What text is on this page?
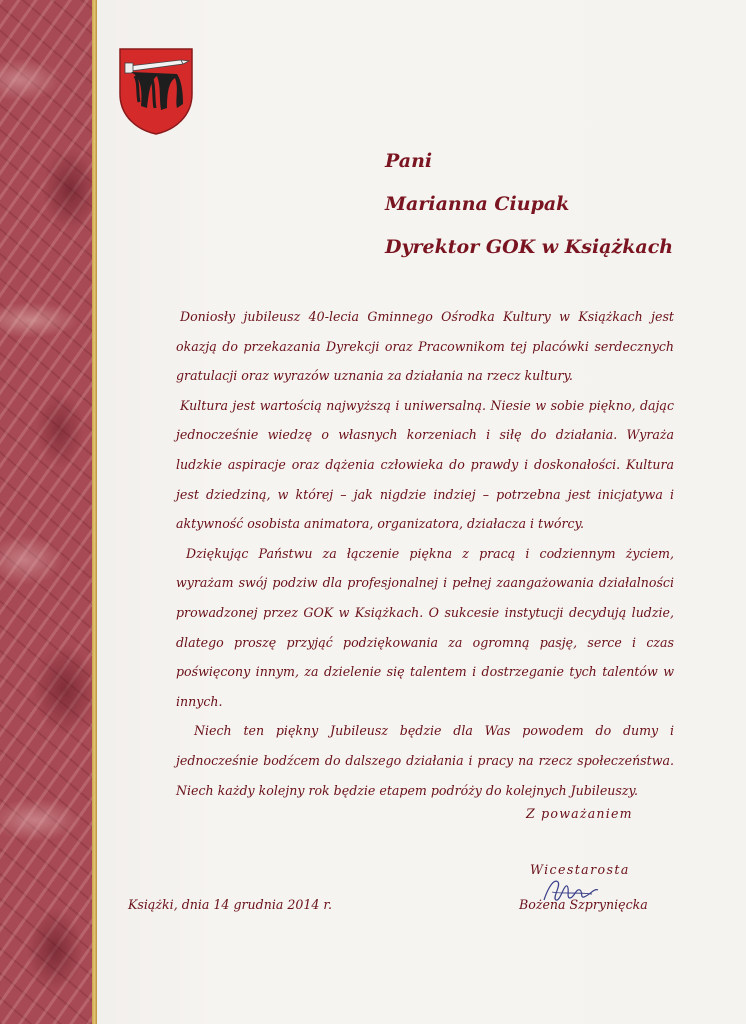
Pani
Marianna Ciupak
Dyrektor GOK w Książkach

Doniosły jubileusz 40-lecia Gminnego Ośrodka Kultury w Książkach jest okazją do przekazania Dyrekcji oraz Pracownikom tej placówki serdecznych gratulacji oraz wyrazów uznania za działania na rzecz kultury.

Kultura jest wartością najwyższą i uniwersalną. Niesie w sobie piękno, dając jednocześnie wiedzę o własnych korzeniach i siłę do działania. Wyraża ludzkie aspiracje oraz dążenia człowieka do prawdy i doskonałości. Kultura jest dziedziną, w której – jak nigdzie indziej – potrzebna jest inicjatywa i aktywność osobista animatora, organizatora, działacza i twórcy.

Dziękując Państwu za łączenie piękna z pracą i codziennym życiem, wyrażam swój podziw dla profesjonalnej i pełnej zaangażowania działalności prowadzonej przez GOK w Książkach. O sukcesie instytucji decydują ludzie, dlatego proszę przyjąć podziękowania za ogromną pasję, serce i czas poświęcony innym, za dzielenie się talentem i dostrzeganie tych talentów w innych.

Niech ten piękny Jubileusz będzie dla Was powodem do dumy i jednocześnie bodźcem do dalszego działania i pracy na rzecz społeczeństwa. Niech każdy kolejny rok będzie etapem podróży do kolejnych Jubileuszy.

Z poważaniem
Wicestarosta
Bożena Szprynięcka
Książki, dnia 14 grudnia 2014 r.
